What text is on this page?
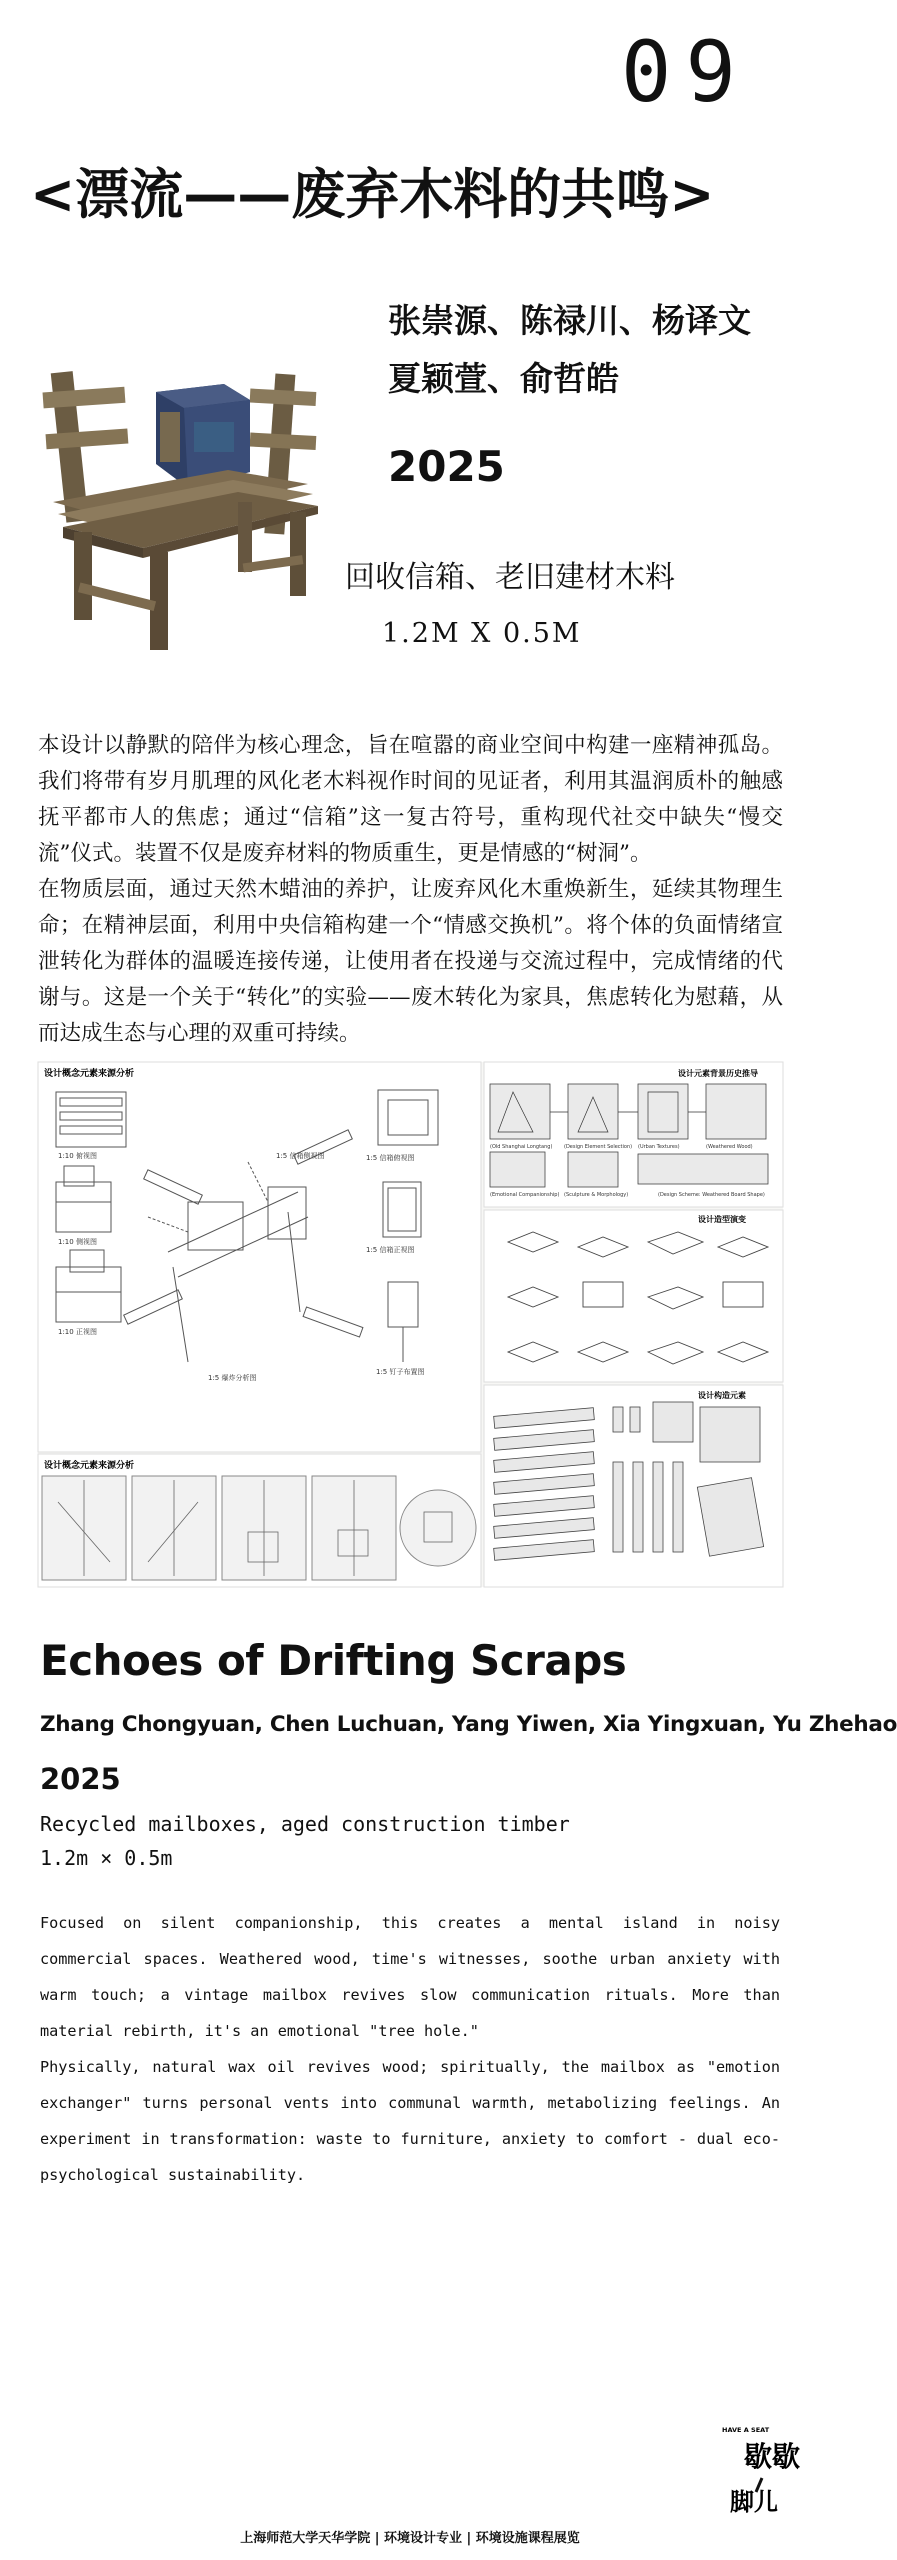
09
<漂流——废弃木料的共鸣>
张崇源、陈禄川、杨译文
夏颖萱、俞哲皓
2025
回收信箱、老旧建材木料
1.2M X 0.5M

本设计以静默的陪伴为核心理念，旨在喧嚣的商业空间中构建一座精神孤岛。我们将带有岁月肌理的风化老木料视作时间的见证者，利用其温润质朴的触感抚平都市人的焦虑；通过“信箱”这一复古符号，重构现代社交中缺失“慢交流”仪式。装置不仅是废弃材料的物质重生，更是情感的“树洞”。

在物质层面，通过天然木蜡油的养护，让废弃风化木重焕新生，延续其物理生命；在精神层面，利用中央信箱构建一个“情感交换机”。将个体的负面情绪宣泄转化为群体的温暖连接传递，让使用者在投递与交流过程中，完成情绪的代谢与。这是一个关于“转化”的实验——废木转化为家具，焦虑转化为慰藉，从而达成生态与心理的双重可持续。

设计概念元素来源分析
1:10 俯视图
1:10 侧视图
1:10 正视图
1:5 信箱俯视图
1:5 信箱正视图
1:5 钉子布置图
1:5 爆炸分析图
1:5 信箱侧视图
设计概念元素来源分析
设计元素背景历史推导
(Old Shanghai Longtang) (Design Element Selection) (Urban Textures)	(Weathered Wood)
(Emotional Companionship) (Sculpture & Morphology)	(Design Scheme: Weathered Board Shape)
设计造型演变
设计构造元素
Echoes of Drifting Scraps
Zhang Chongyuan, Chen Luchuan, Yang Yiwen, Xia Yingxuan, Yu Zhehao
2025
Recycled mailboxes, aged construction timber
1.2m × 0.5m

Focused on silent companionship, this creates a mental island in noisy commercial spaces. Weathered wood, time's witnesses, soothe urban anxiety with warm touch; a vintage mailbox revives slow communication rituals. More than material rebirth, it's an emotional "tree hole."

Physically, natural wax oil revives wood; spiritually, the mailbox as "emotion exchanger" turns personal vents into communal warmth, metabolizing feelings. An experiment in transformation: waste to furniture, anxiety to comfort - dual eco-psychological sustainability.

HAVE A SEAT
歇歇
脚儿
上海师范大学天华学院 | 环境设计专业 | 环境设施课程展览
